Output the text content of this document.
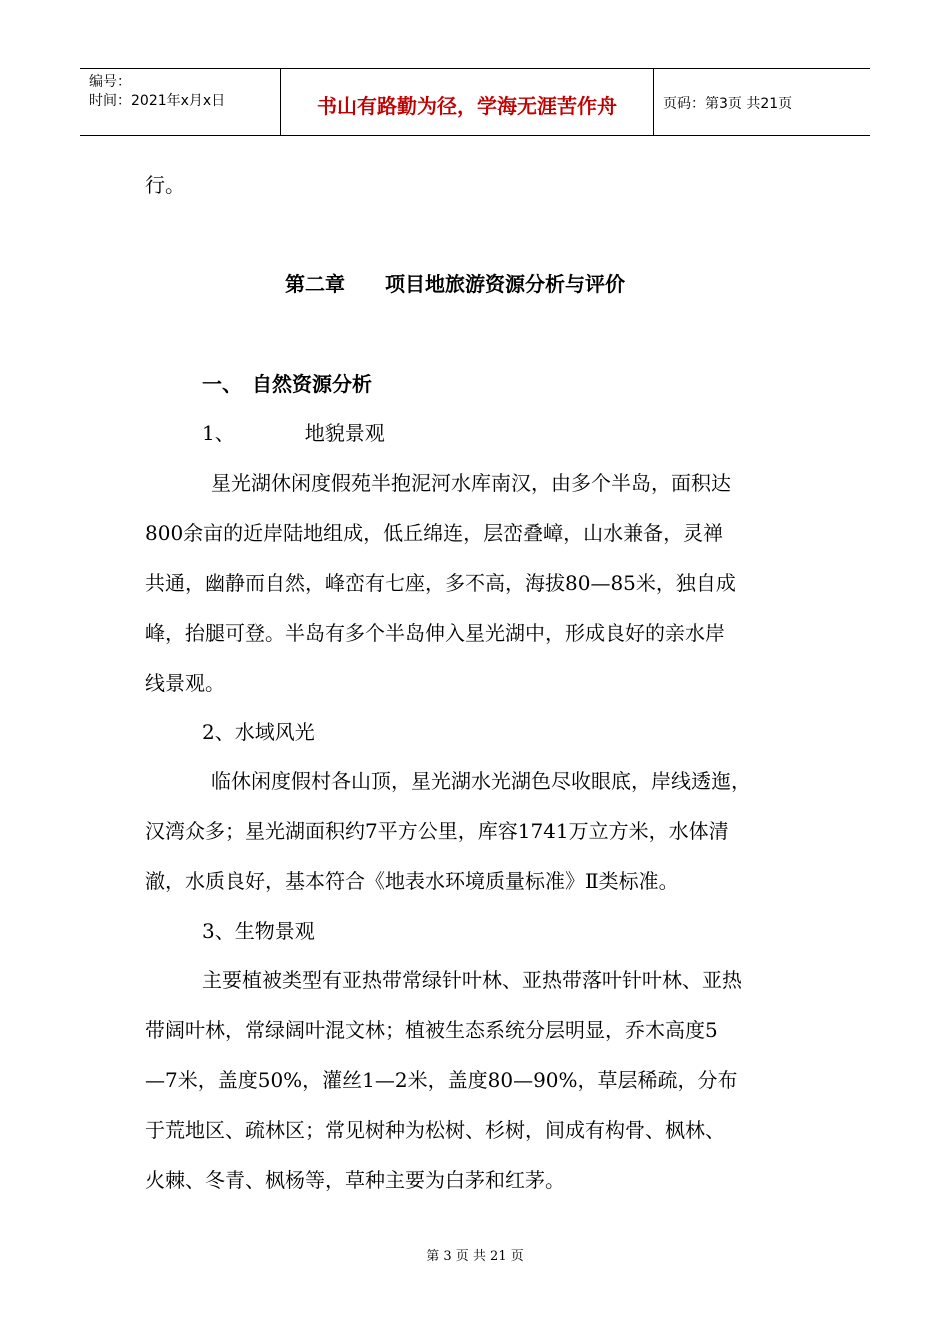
编号：
时间：2021年x月x日	书山有路勤为径，学海无涯苦作舟	页码：第3页 共21页
行。
第二章　　项目地旅游资源分析与评价
一、　自然资源分析
1、　　　　地貌景观
星光湖休闲度假苑半抱泥河水库南汉，由多个半岛，面积达
800余亩的近岸陆地组成，低丘绵连，层峦叠嶂，山水兼备，灵禅
共通，幽静而自然，峰峦有七座，多不高，海拔80—85米，独自成
峰，抬腿可登。半岛有多个半岛伸入星光湖中，形成良好的亲水岸
线景观。
2、水域风光
临休闲度假村各山顶，星光湖水光湖色尽收眼底，岸线透迤，
汉湾众多；星光湖面积约7平方公里，库容1741万立方米，水体清
澈，水质良好，基本符合《地表水环境质量标准》Ⅱ类标准。
3、生物景观
主要植被类型有亚热带常绿针叶林、亚热带落叶针叶林、亚热
带阔叶林，常绿阔叶混文林；植被生态系统分层明显，乔木高度5
—7米，盖度50%，灌丝1—2米，盖度80—90%，草层稀疏，分布
于荒地区、疏林区；常见树种为松树、杉树，间成有构骨、枫林、
火棘、冬青、枫杨等，草种主要为白茅和红茅。
第 3 页 共 21 页
